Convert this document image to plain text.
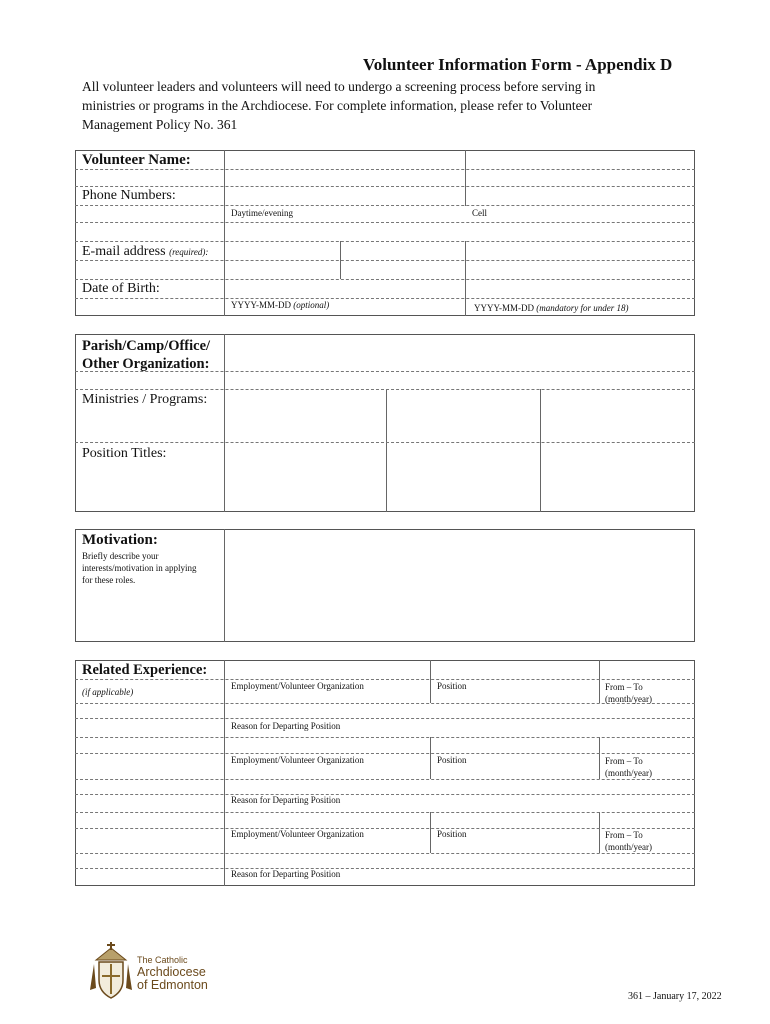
Volunteer Information Form - Appendix D
All volunteer leaders and volunteers will need to undergo a screening process before serving in
ministries or programs in the Archdiocese. For complete information, please refer to Volunteer
Management Policy No. 361
Volunteer Name:
Phone Numbers:
Daytime/evening	Cell
E-mail address (required):
Date of Birth:
YYYY-MM-DD (optional)	YYYY-MM-DD (mandatory for under 18)
Parish/Camp/Office/
Other Organization:
Ministries / Programs:
Position Titles:
Motivation:
Briefly describe your
interests/motivation in applying
for these roles.
Related Experience:
(if applicable)
Employment/Volunteer Organization	Position	From – To
(month/year)
Reason for Departing Position
Employment/Volunteer Organization	Position	From – To
(month/year)
Reason for Departing Position
Employment/Volunteer Organization	Position	From – To
(month/year)
Reason for Departing Position
The Catholic
Archdiocese
of Edmonton
361 – January 17, 2022
